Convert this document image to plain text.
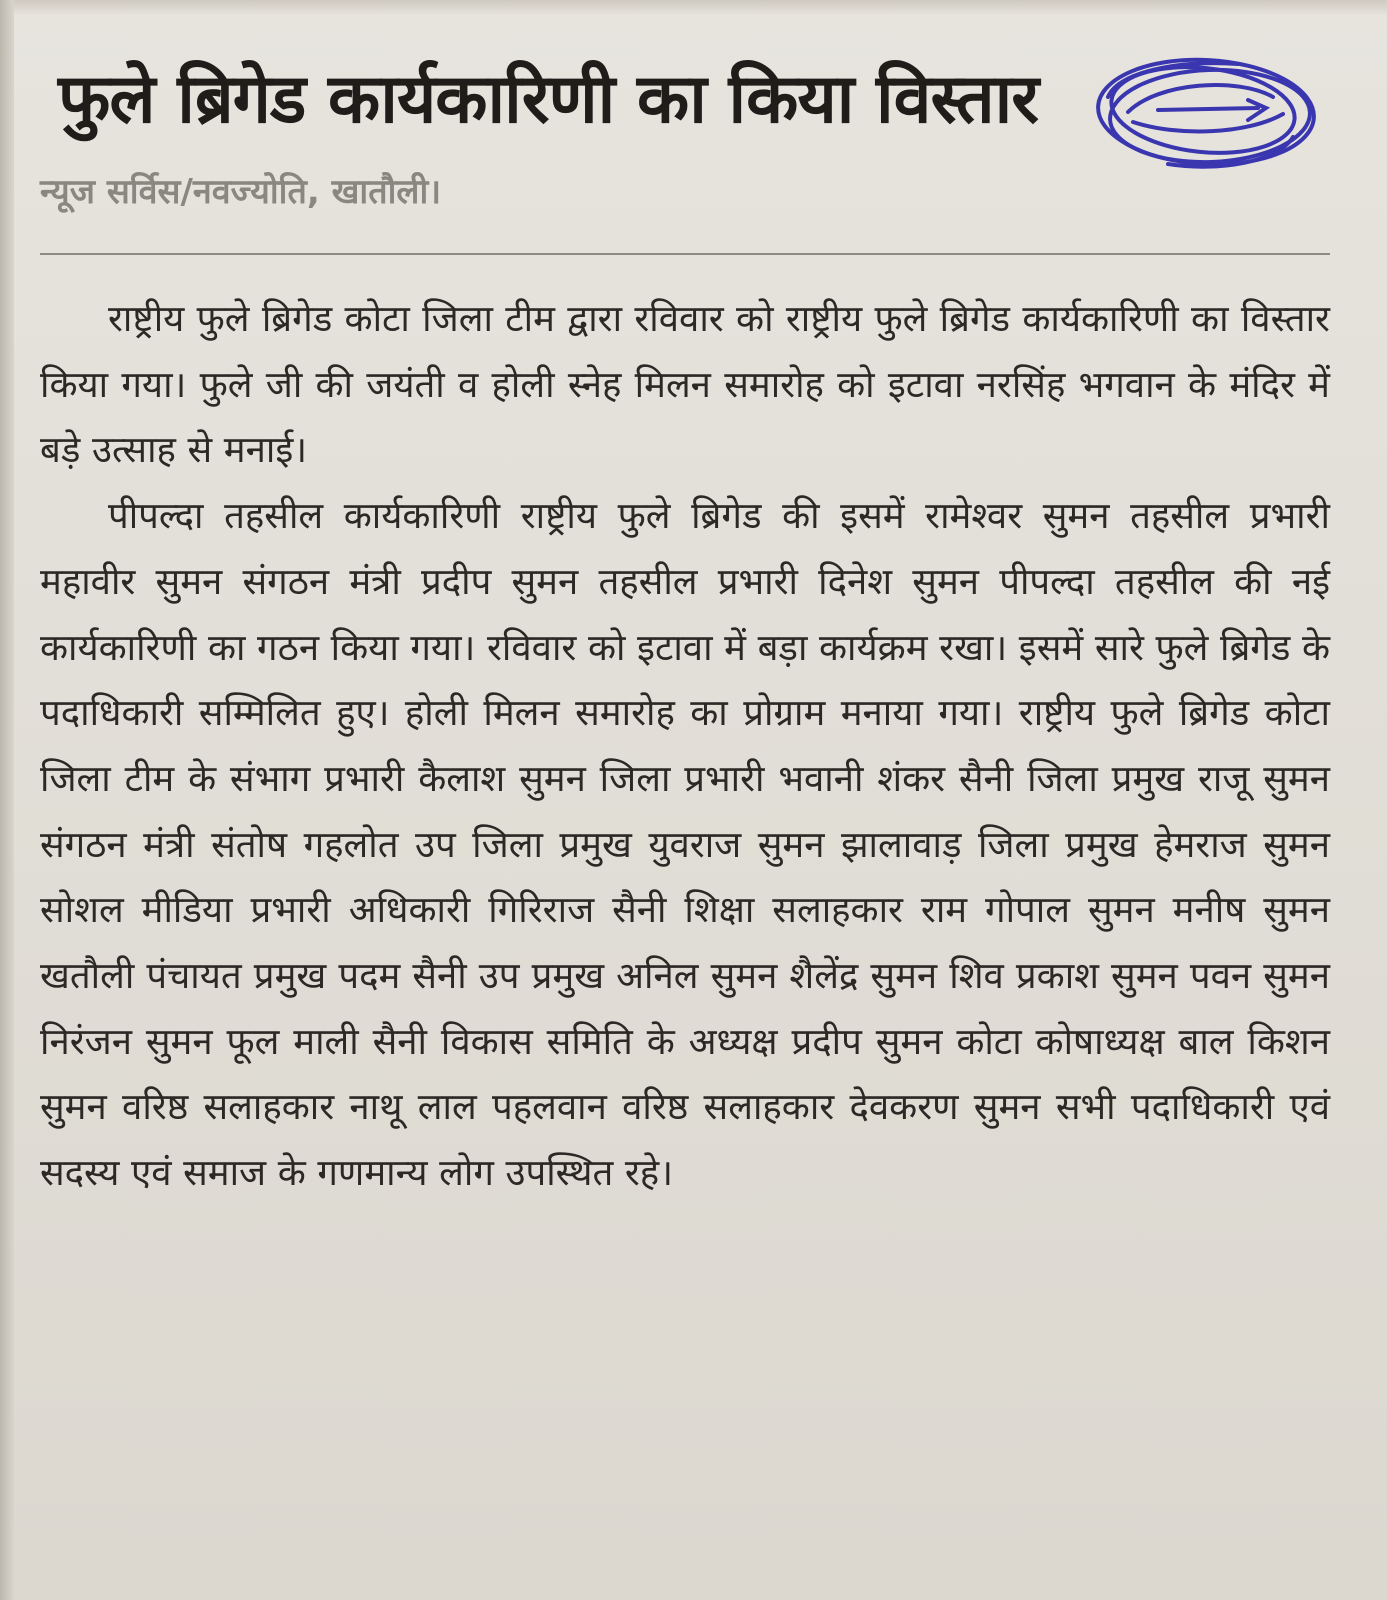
फुले ब्रिगेड कार्यकारिणी का किया विस्तार
न्यूज सर्विस/नवज्योति, खातौली।

राष्ट्रीय फुले ब्रिगेड कोटा जिला टीम द्वारा रविवार को राष्ट्रीय फुले ब्रिगेड कार्यकारिणी का विस्तार किया गया। फुले जी की जयंती व होली स्नेह मिलन समारोह को इटावा नरसिंह भगवान के मंदिर में बड़े उत्साह से मनाई।

पीपल्दा तहसील कार्यकारिणी राष्ट्रीय फुले ब्रिगेड की इसमें रामेश्वर सुमन तहसील प्रभारी महावीर सुमन संगठन मंत्री प्रदीप सुमन तहसील प्रभारी दिनेश सुमन पीपल्दा तहसील की नई कार्यकारिणी का गठन किया गया। रविवार को इटावा में बड़ा कार्यक्रम रखा। इसमें सारे फुले ब्रिगेड के पदाधिकारी सम्मिलित हुए। होली मिलन समारोह का प्रोग्राम मनाया गया। राष्ट्रीय फुले ब्रिगेड कोटा जिला टीम के संभाग प्रभारी कैलाश सुमन जिला प्रभारी भवानी शंकर सैनी जिला प्रमुख राजू सुमन संगठन मंत्री संतोष गहलोत उप जिला प्रमुख युवराज सुमन झालावाड़ जिला प्रमुख हेमराज सुमन सोशल मीडिया प्रभारी अधिकारी गिरिराज सैनी शिक्षा सलाहकार राम गोपाल सुमन मनीष सुमन खतौली पंचायत प्रमुख पदम सैनी उप प्रमुख अनिल सुमन शैलेंद्र सुमन शिव प्रकाश सुमन पवन सुमन निरंजन सुमन फूल माली सैनी विकास समिति के अध्यक्ष प्रदीप सुमन कोटा कोषाध्यक्ष बाल किशन सुमन वरिष्ठ सलाहकार नाथू लाल पहलवान वरिष्ठ सलाहकार देवकरण सुमन सभी पदाधिकारी एवं सदस्य एवं समाज के गणमान्य लोग उपस्थित रहे।
